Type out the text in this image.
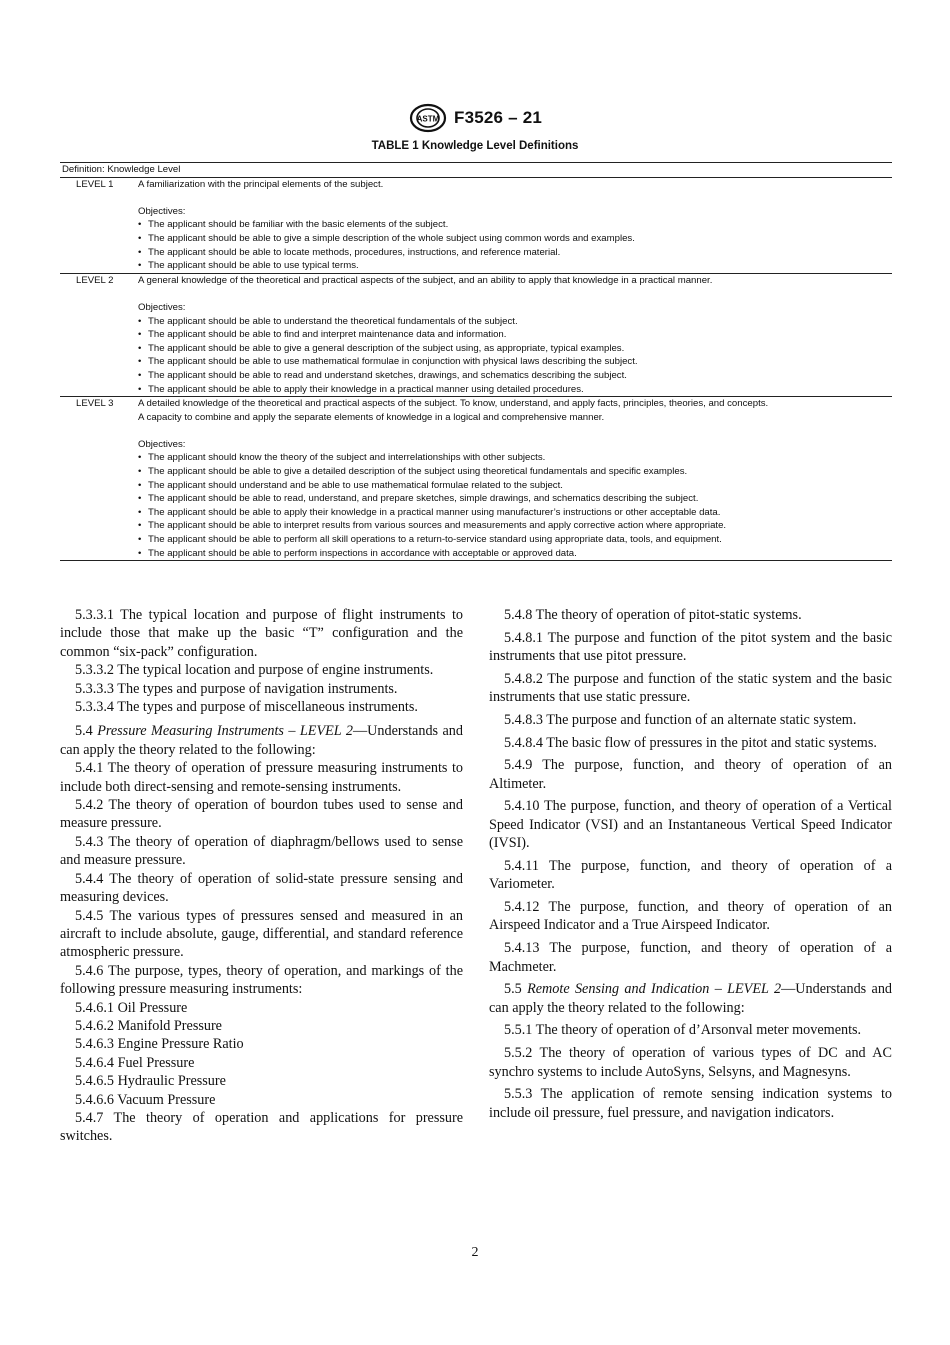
ASTM F3526 – 21
TABLE 1 Knowledge Level Definitions
Definition: Knowledge Level
LEVEL 1	A familiarization with the principal elements of the subject.
Objectives:
• The applicant should be familiar with the basic elements of the subject.
• The applicant should be able to give a simple description of the whole subject using common words and examples.
• The applicant should be able to locate methods, procedures, instructions, and reference material.
• The applicant should be able to use typical terms.
LEVEL 2	A general knowledge of the theoretical and practical aspects of the subject, and an ability to apply that knowledge in a practical manner.
Objectives:
• The applicant should be able to understand the theoretical fundamentals of the subject.
• The applicant should be able to find and interpret maintenance data and information.
• The applicant should be able to give a general description of the subject using, as appropriate, typical examples.
• The applicant should be able to use mathematical formulae in conjunction with physical laws describing the subject.
• The applicant should be able to read and understand sketches, drawings, and schematics describing the subject.
• The applicant should be able to apply their knowledge in a practical manner using detailed procedures.
LEVEL 3	A detailed knowledge of the theoretical and practical aspects of the subject. To know, understand, and apply facts, principles, theories, and concepts.
A capacity to combine and apply the separate elements of knowledge in a logical and comprehensive manner.
Objectives:
• The applicant should know the theory of the subject and interrelationships with other subjects.
• The applicant should be able to give a detailed description of the subject using theoretical fundamentals and specific examples.
• The applicant should understand and be able to use mathematical formulae related to the subject.
• The applicant should be able to read, understand, and prepare sketches, simple drawings, and schematics describing the subject.
• The applicant should be able to apply their knowledge in a practical manner using manufacturer’s instructions or other acceptable data.
• The applicant should be able to interpret results from various sources and measurements and apply corrective action where appropriate.
• The applicant should be able to perform all skill operations to a return-to-service standard using appropriate data, tools, and equipment.
• The applicant should be able to perform inspections in accordance with acceptable or approved data.

5.3.3.1 The typical location and purpose of flight instruments to include those that make up the basic “T” configuration and the common “six-pack” configuration.

5.3.3.2 The typical location and purpose of engine instruments.

5.3.3.3 The types and purpose of navigation instruments.

5.3.3.4 The types and purpose of miscellaneous instruments.

5.4 Pressure Measuring Instruments – LEVEL 2—Understands and can apply the theory related to the following:

5.4.1 The theory of operation of pressure measuring instruments to include both direct-sensing and remote-sensing instruments.

5.4.2 The theory of operation of bourdon tubes used to sense and measure pressure.

5.4.3 The theory of operation of diaphragm/bellows used to sense and measure pressure.

5.4.4 The theory of operation of solid-state pressure sensing and measuring devices.

5.4.5 The various types of pressures sensed and measured in an aircraft to include absolute, gauge, differential, and standard reference atmospheric pressure.

5.4.6 The purpose, types, theory of operation, and markings of the following pressure measuring instruments:

5.4.6.1 Oil Pressure

5.4.6.2 Manifold Pressure

5.4.6.3 Engine Pressure Ratio

5.4.6.4 Fuel Pressure

5.4.6.5 Hydraulic Pressure

5.4.6.6 Vacuum Pressure

5.4.7 The theory of operation and applications for pressure switches.

5.4.8 The theory of operation of pitot-static systems.

5.4.8.1 The purpose and function of the pitot system and the basic instruments that use pitot pressure.

5.4.8.2 The purpose and function of the static system and the basic instruments that use static pressure.

5.4.8.3 The purpose and function of an alternate static system.

5.4.8.4 The basic flow of pressures in the pitot and static systems.

5.4.9 The purpose, function, and theory of operation of an Altimeter.

5.4.10 The purpose, function, and theory of operation of a Vertical Speed Indicator (VSI) and an Instantaneous Vertical Speed Indicator (IVSI).

5.4.11 The purpose, function, and theory of operation of a Variometer.

5.4.12 The purpose, function, and theory of operation of an Airspeed Indicator and a True Airspeed Indicator.

5.4.13 The purpose, function, and theory of operation of a Machmeter.

5.5 Remote Sensing and Indication – LEVEL 2—Understands and can apply the theory related to the following:

5.5.1 The theory of operation of d’Arsonval meter movements.

5.5.2 The theory of operation of various types of DC and AC synchro systems to include AutoSyns, Selsyns, and Magnesyns.

5.5.3 The application of remote sensing indication systems to include oil pressure, fuel pressure, and navigation indicators.

2
